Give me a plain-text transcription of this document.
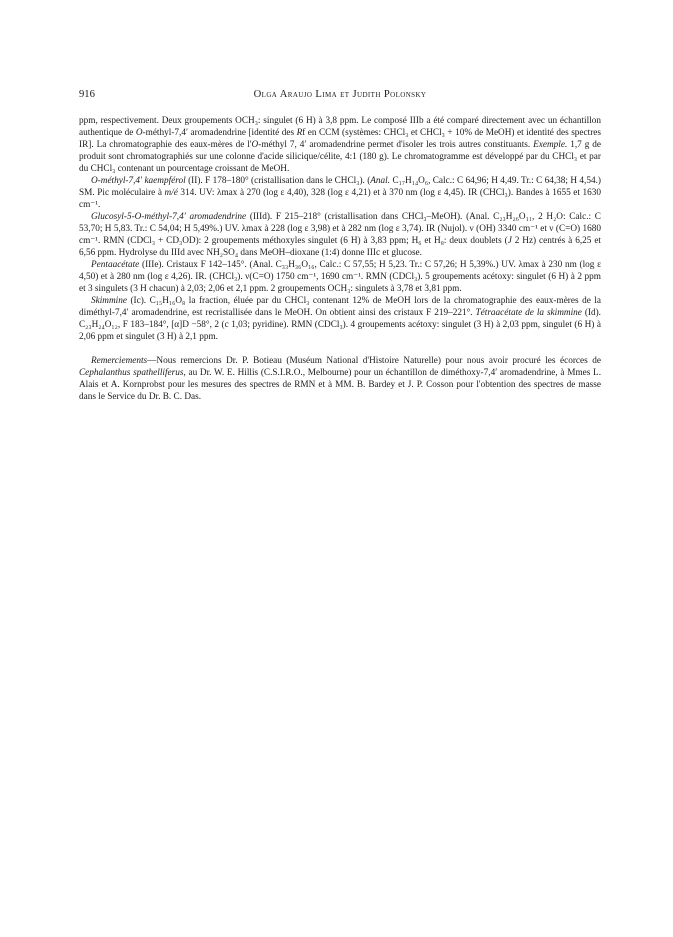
916	Olga Araujo Lima et Judith Polonsky

ppm, respectivement. Deux groupements OCH₃: singulet (6 H) à 3,8 ppm. Le composé IIIb a été comparé directement avec un échantillon authentique de O-méthyl-7,4′ aromadendrine [identité des Rf en CCM (systèmes: CHCl₃ et CHCl₃ + 10% de MeOH) et identité des spectres IR]. La chromatographie des eaux-mères de l'O-méthyl 7, 4′ aromadendrine permet d'isoler les trois autres constituants. Exemple. 1,7 g de produit sont chromatographiés sur une colonne d'acide silicique/célite, 4:1 (180 g). Le chromatogramme est développé par du CHCl₃ et par du CHCl₃ contenant un pourcentage croissant de MeOH.

O-méthyl-7,4′ kaempférol (II). F 178–180° (cristallisation dans le CHCl₃). (Anal. C₁₇H₁₄O₆, Calc.: C 64,96; H 4,49. Tr.: C 64,38; H 4,54.) SM. Pic moléculaire à m/é 314. UV: λmax à 270 (log ε 4,40), 328 (log ε 4,21) et à 370 nm (log ε 4,45). IR (CHCl₃). Bandes à 1655 et 1630 cm⁻¹.

Glucosyl-5-O-méthyl-7,4′ aromadendrine (IIId). F 215–218° (cristallisation dans CHCl₃–MeOH). (Anal. C₂₃H₂₆O₁₁, 2 H₂O: Calc.: C 53,70; H 5,83. Tr.: C 54,04; H 5,49%.) UV. λmax à 228 (log ε 3,98) et à 282 nm (log ε 3,74). IR (Nujol). ν (OH) 3340 cm⁻¹ et ν (C=O) 1680 cm⁻¹. RMN (CDCl₃ + CD₃OD): 2 groupements méthoxyles singulet (6 H) à 3,83 ppm; H₆ et H₈: deux doublets (J 2 Hz) centrés à 6,25 et 6,56 ppm. Hydrolyse du IIId avec NH₂SO₄ dans MeOH–dioxane (1:4) donne IIIc et glucose.

Pentaacétate (IIIe). Cristaux F 142–145°. (Anal. C₃₃H₃₆O₁₆, Calc.: C 57,55; H 5,23. Tr.: C 57,26; H 5,39%.) UV. λmax à 230 nm (log ε 4,50) et à 280 nm (log ε 4,26). IR. (CHCl₃). ν(C=O) 1750 cm⁻¹, 1690 cm⁻¹. RMN (CDCl₃). 5 groupements acétoxy: singulet (6 H) à 2 ppm et 3 singulets (3 H chacun) à 2,03; 2,06 et 2,1 ppm. 2 groupements OCH₃: singulets à 3,78 et 3,81 ppm.

Skimmine (Ic). C₁₅H₁₆O₈ la fraction, éluée par du CHCl₃ contenant 12% de MeOH lors de la chromatographie des eaux-mères de la diméthyl-7,4′ aromadendrine, est recristallisée dans le MeOH. On obtient ainsi des cristaux F 219–221°. Tétraacétate de la skimmine (Id). C₂₃H₂₄O₁₂, F 183–184°, [α]D −58°, 2 (c 1,03; pyridine). RMN (CDCl₃). 4 groupements acétoxy: singulet (3 H) à 2,03 ppm, singulet (6 H) à 2,06 ppm et singulet (3 H) à 2,1 ppm.

Remerciements—Nous remercions Dr. P. Botieau (Muséum National d'Histoire Naturelle) pour nous avoir procuré les écorces de Cephalanthus spathelliferus, au Dr. W. E. Hillis (C.S.I.R.O., Melbourne) pour un échantillon de diméthoxy-7,4′ aromadendrine, à Mmes L. Alais et A. Kornprobst pour les mesures des spectres de RMN et à MM. B. Bardey et J. P. Cosson pour l'obtention des spectres de masse dans le Service du Dr. B. C. Das.
